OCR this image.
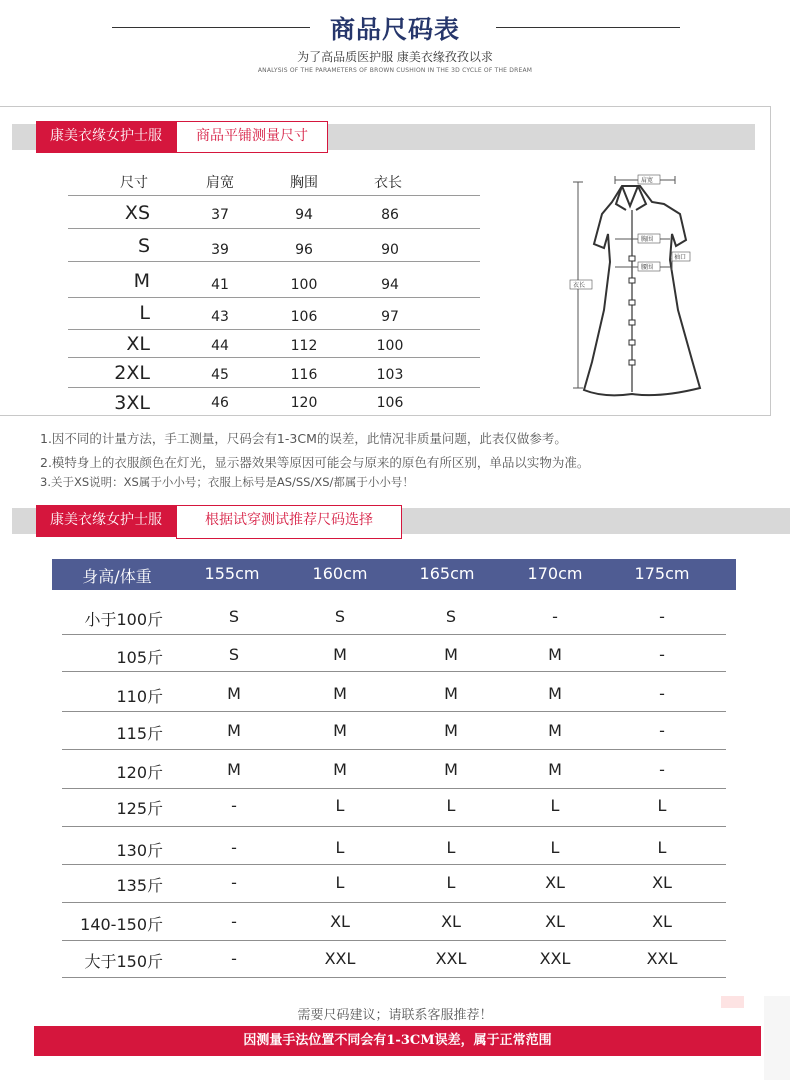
商品尺码表
为了高品质医护服 康美衣缘孜孜以求
ANALYSIS OF THE PARAMETERS OF BROWN CUSHION IN THE 3D CYCLE OF THE DREAM
康美衣缘女护士服	商品平铺测量尺寸
尺寸	肩宽	胸围	衣长
XS	37	94	86
S	39	96	90
M	41	100	94
L	43	106	97
XL	44	112	100
2XL	45	116	103
3XL	46	120	106
肩宽
胸围
腰围
袖口
衣长
1.因不同的计量方法，手工测量，尺码会有1-3CM的误差，此情况非质量问题，此表仅做参考。
2.模特身上的衣服颜色在灯光，显示器效果等原因可能会与原来的原色有所区别，单品以实物为准。
3.关于XS说明：XS属于小小号；衣服上标号是AS/SS/XS/都属于小小号！
康美衣缘女护士服	根据试穿测试推荐尺码选择
身高/体重	155cm	160cm	165cm	170cm	175cm
小于100斤	S	S	S	-	-
105斤	S	M	M	M	-
110斤	M	M	M	M	-
115斤	M	M	M	M	-
120斤	M	M	M	M	-
125斤	-	L	L	L	L
130斤	-	L	L	L	L
135斤	-	L	L	XL	XL
140-150斤	-	XL	XL	XL	XL
大于150斤	-	XXL	XXL	XXL	XXL
需要尺码建议；请联系客服推荐！
因测量手法位置不同会有1-3CM误差，属于正常范围
